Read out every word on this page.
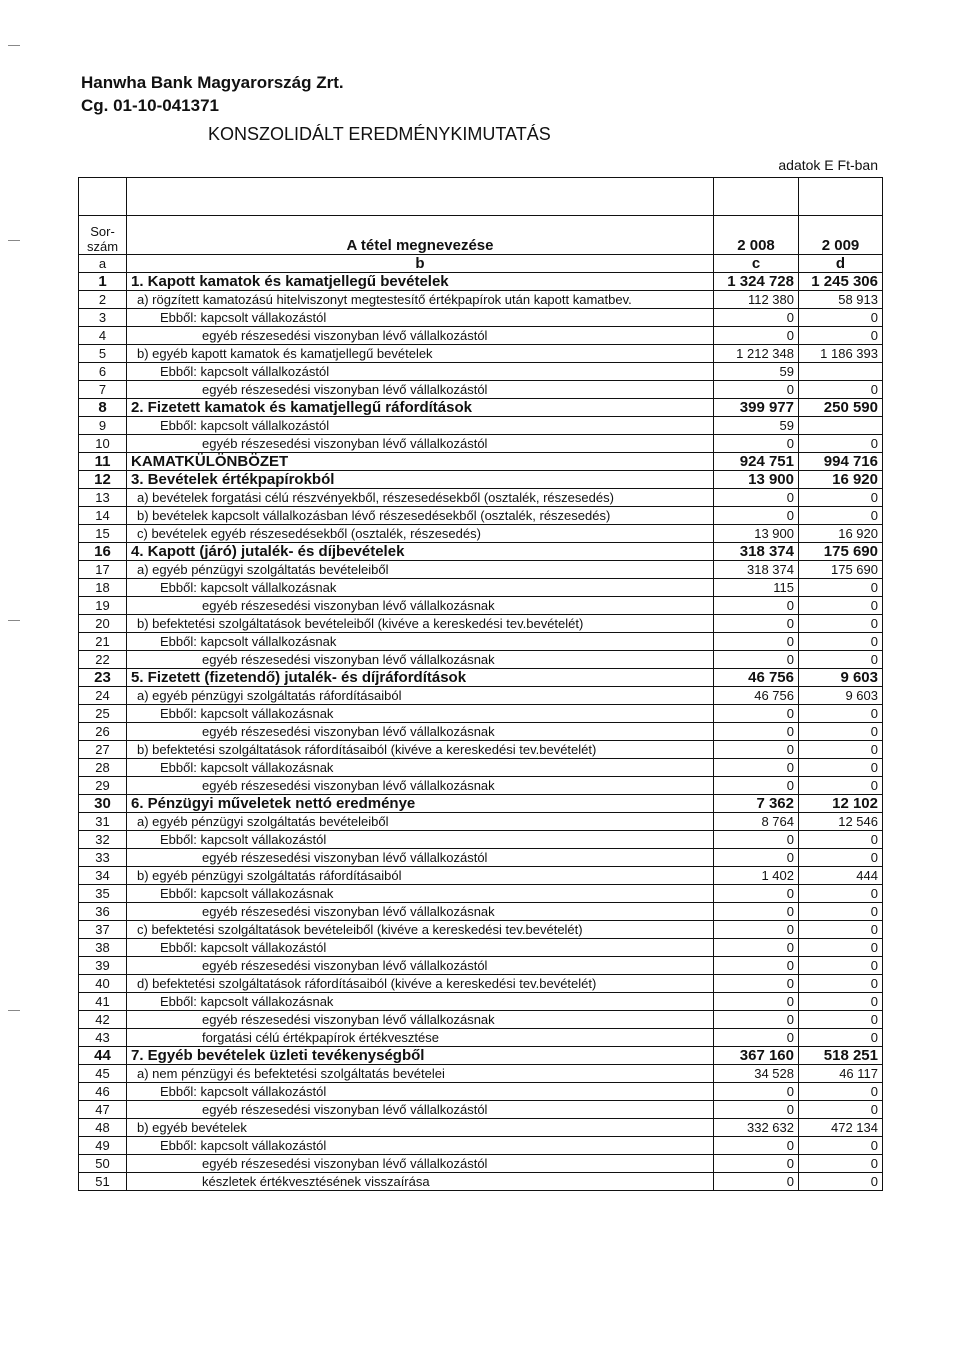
Hanwha Bank Magyarország Zrt.
Cg. 01-10-041371
KONSZOLIDÁLT EREDMÉNYKIMUTATÁS
adatok E Ft-ban

Sor- szám	A tétel megnevezése	2 008	2 009
a	b	c	d
1	1. Kapott kamatok és kamatjellegű bevételek	1 324 728	1 245 306
2	a) rögzített kamatozású hitelviszonyt megtestesítő értékpapírok után kapott kamatbev.	112 380	58 913
3	Ebből: kapcsolt vállakozástól	0	0
4	egyéb részesedési viszonyban lévő vállalkozástól	0	0
5	b) egyéb kapott kamatok és kamatjellegű bevételek	1 212 348	1 186 393
6	Ebből: kapcsolt vállalkozástól	59	
7	egyéb részesedési viszonyban lévő vállalkozástól	0	0
8	2. Fizetett kamatok és kamatjellegű ráfordítások	399 977	250 590
9	Ebből: kapcsolt vállalkozástól	59	
10	egyéb részesedési viszonyban lévő vállalkozástól	0	0
11	KAMATKÜLÖNBÖZET	924 751	994 716
12	3. Bevételek értékpapírokból	13 900	16 920
13	a) bevételek forgatási célú részvényekből, részesedésekből (osztalék, részesedés)	0	0
14	b) bevételek kapcsolt vállalkozásban lévő részesedésekből (osztalék, részesedés)	0	0
15	c) bevételek egyéb részesedésekből (osztalék, részesedés)	13 900	16 920
16	4. Kapott (járó) jutalék- és díjbevételek	318 374	175 690
17	a) egyéb pénzügyi szolgáltatás bevételeiből	318 374	175 690
18	Ebből: kapcsolt vállalkozásnak	115	0
19	egyéb részesedési viszonyban lévő vállalkozásnak	0	0
20	b) befektetési szolgáltatások bevételeiből (kivéve a kereskedési tev.bevételét)	0	0
21	Ebből: kapcsolt vállalkozásnak	0	0
22	egyéb részesedési viszonyban lévő vállalkozásnak	0	0
23	5. Fizetett (fizetendő) jutalék- és díjráfordítások	46 756	9 603
24	a) egyéb pénzügyi szolgáltatás ráfordításaiból	46 756	9 603
25	Ebből: kapcsolt vállakozásnak	0	0
26	egyéb részesedési viszonyban lévő vállalkozásnak	0	0
27	b) befektetési szolgáltatások ráfordításaiból (kivéve a kereskedési tev.bevételét)	0	0
28	Ebből: kapcsolt vállakozásnak	0	0
29	egyéb részesedési viszonyban lévő vállalkozásnak	0	0
30	6. Pénzügyi műveletek nettó eredménye	7 362	12 102
31	a) egyéb pénzügyi szolgáltatás bevételeiből	8 764	12 546
32	Ebből: kapcsolt vállakozástól	0	0
33	egyéb részesedési viszonyban lévő vállalkozástól	0	0
34	b) egyéb pénzügyi szolgáltatás ráfordításaiból	1 402	444
35	Ebből: kapcsolt vállakozásnak	0	0
36	egyéb részesedési viszonyban lévő vállalkozásnak	0	0
37	c) befektetési szolgáltatások bevételeiből (kivéve a kereskedési tev.bevételét)	0	0
38	Ebből: kapcsolt vállakozástól	0	0
39	egyéb részesedési viszonyban lévő vállalkozástól	0	0
40	d) befektetési szolgáltatások ráfordításaiból (kivéve a kereskedési tev.bevételét)	0	0
41	Ebből: kapcsolt vállakozásnak	0	0
42	egyéb részesedési viszonyban lévő vállalkozásnak	0	0
43	forgatási célú értékpapírok értékvesztése	0	0
44	7. Egyéb bevételek üzleti tevékenységből	367 160	518 251
45	a) nem pénzügyi és befektetési szolgáltatás bevételei	34 528	46 117
46	Ebből: kapcsolt vállakozástól	0	0
47	egyéb részesedési viszonyban lévő vállalkozástól	0	0
48	b) egyéb bevételek	332 632	472 134
49	Ebből: kapcsolt vállakozástól	0	0
50	egyéb részesedési viszonyban lévő vállalkozástól	0	0
51	készletek értékvesztésének visszaírása	0	0
